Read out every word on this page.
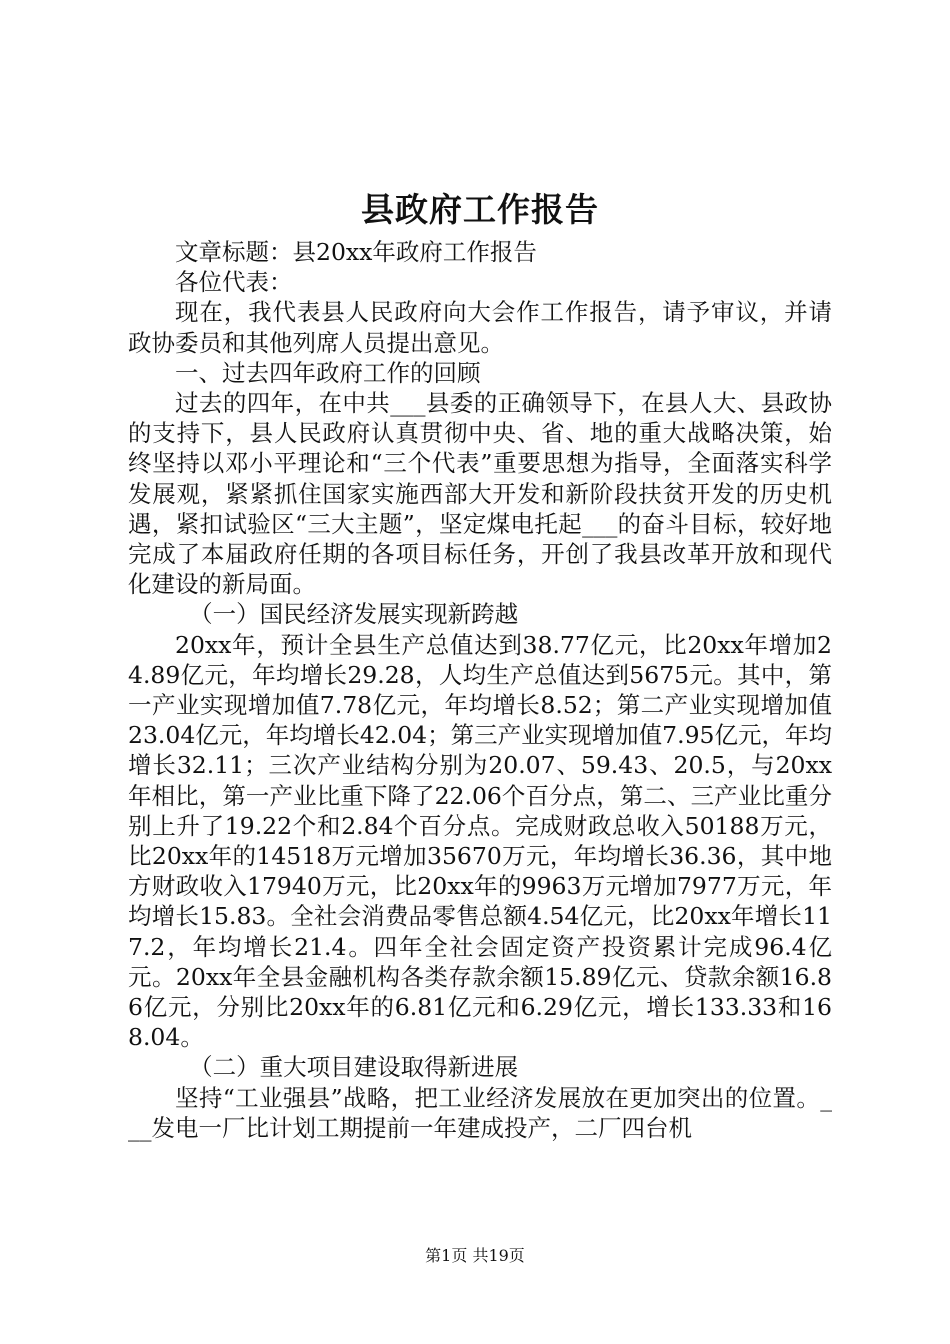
县政府工作报告

文章标题：县20xx年政府工作报告

各位代表：

现在，我代表县人民政府向大会作工作报告，请予审议，并请政协委员和其他列席人员提出意见。

一、过去四年政府工作的回顾

过去的四年，在中共___县委的正确领导下，在县人大、县政协的支持下，县人民政府认真贯彻中央、省、地的重大战略决策，始终坚持以邓小平理论和“三个代表”重要思想为指导，全面落实科学发展观，紧紧抓住国家实施西部大开发和新阶段扶贫开发的历史机遇，紧扣试验区“三大主题”，坚定煤电托起___的奋斗目标，较好地完成了本届政府任期的各项目标任务，开创了我县改革开放和现代化建设的新局面。

（一）国民经济发展实现新跨越

20xx年，预计全县生产总值达到38.77亿元，比20xx年增加24.89亿元，年均增长29.28，人均生产总值达到5675元。其中，第一产业实现增加值7.78亿元，年均增长8.52；第二产业实现增加值23.04亿元，年均增长42.04；第三产业实现增加值7.95亿元，年均增长32.11；三次产业结构分别为20.07、59.43、20.5，与20xx年相比，第一产业比重下降了22.06个百分点，第二、三产业比重分别上升了19.22个和2.84个百分点。完成财政总收入50188万元，比20xx年的14518万元增加35670万元，年均增长36.36，其中地方财政收入17940万元，比20xx年的9963万元增加7977万元，年均增长15.83。全社会消费品零售总额4.54亿元，比20xx年增长117.2，年均增长21.4。四年全社会固定资产投资累计完成96.4亿元。20xx年全县金融机构各类存款余额15.89亿元、贷款余额16.86亿元，分别比20xx年的6.81亿元和6.29亿元，增长133.33和168.04。

（二）重大项目建设取得新进展

坚持“工业强县”战略，把工业经济发展放在更加突出的位置。___发电一厂比计划工期提前一年建成投产，二厂四台机

第1页 共19页
